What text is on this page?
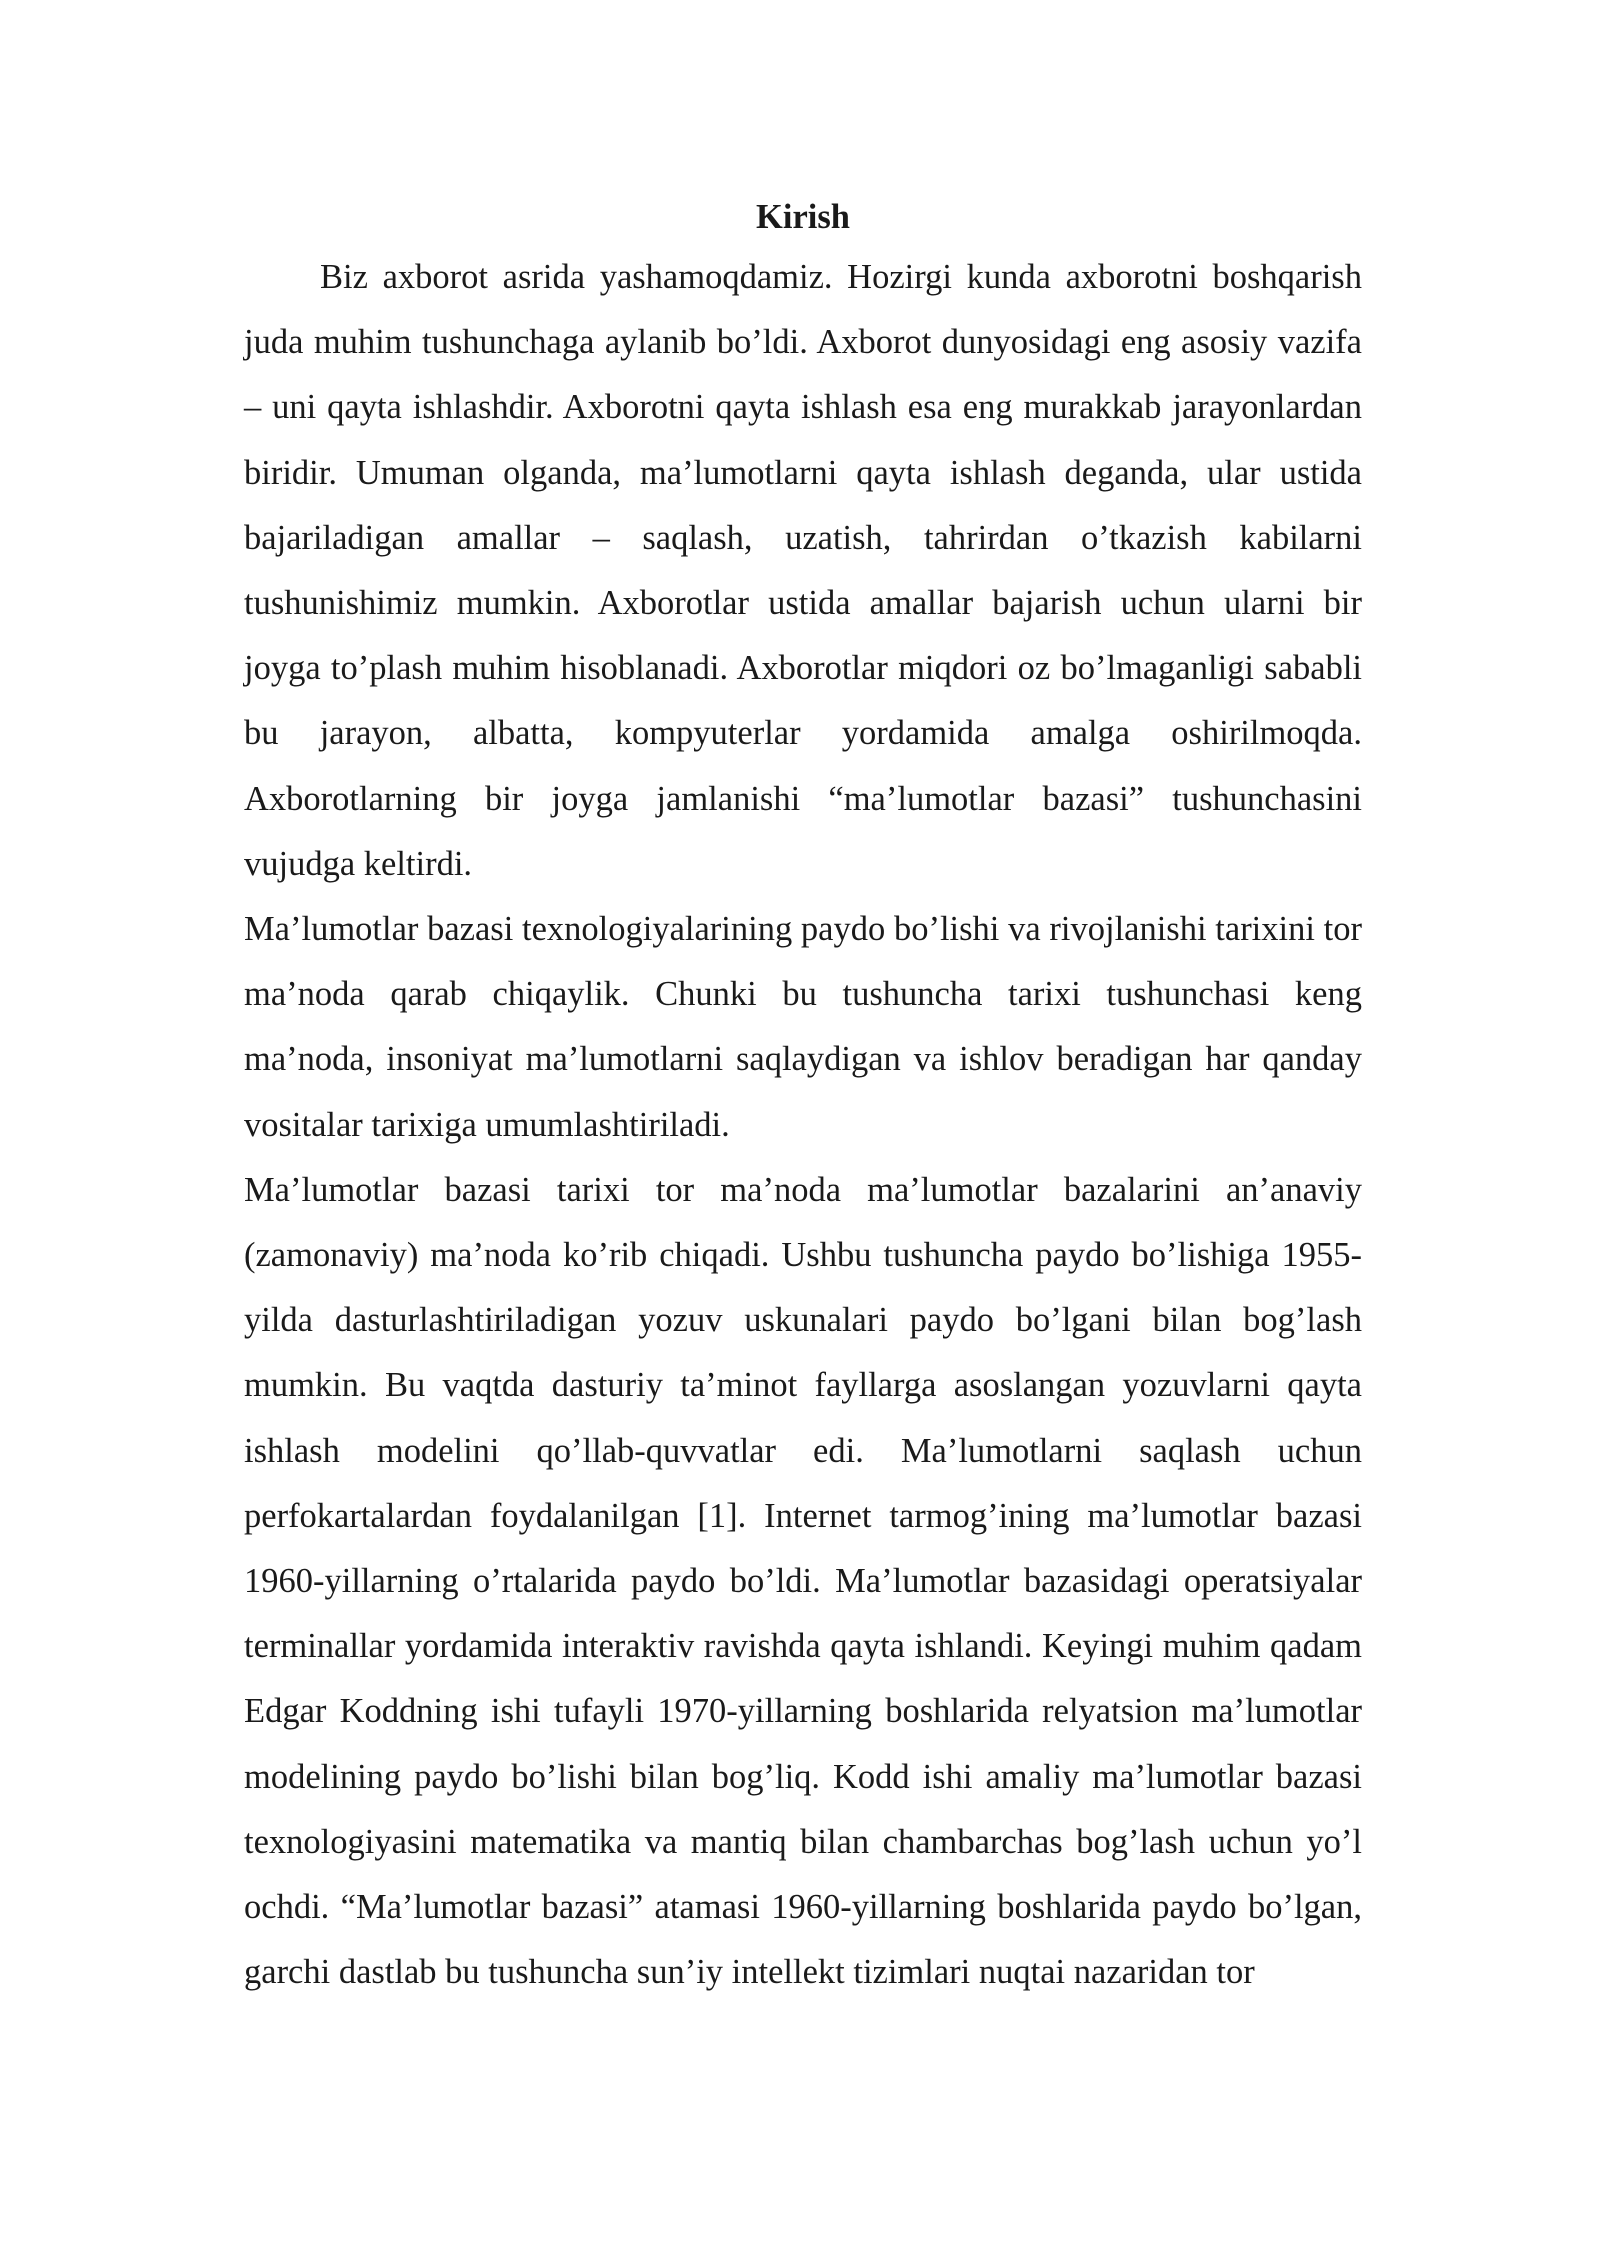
Kirish

Biz axborot asrida yashamoqdamiz. Hozirgi kunda axborotni boshqarish juda muhim tushunchaga aylanib bo’ldi. Axborot dunyosidagi eng asosiy vazifa – uni qayta ishlashdir. Axborotni qayta ishlash esa eng murakkab jarayonlardan biridir. Umuman olganda, ma’lumotlarni qayta ishlash deganda, ular ustida bajariladigan amallar – saqlash, uzatish, tahrirdan o’tkazish kabilarni tushunishimiz mumkin. Axborotlar ustida amallar bajarish uchun ularni bir joyga to’plash muhim hisoblanadi. Axborotlar miqdori oz bo’lmaganligi sababli bu jarayon, albatta, kompyuterlar yordamida amalga oshirilmoqda. Axborotlarning bir joyga jamlanishi “ma’lumotlar bazasi” tushunchasini vujudga keltirdi.

Ma’lumotlar bazasi texnologiyalarining paydo bo’lishi va rivojlanishi tarixini tor ma’noda qarab chiqaylik. Chunki bu tushuncha tarixi tushunchasi keng ma’noda, insoniyat ma’lumotlarni saqlaydigan va ishlov beradigan har qanday vositalar tarixiga umumlashtiriladi.

Ma’lumotlar bazasi tarixi tor ma’noda ma’lumotlar bazalarini an’anaviy (zamonaviy) ma’noda ko’rib chiqadi. Ushbu tushuncha paydo bo’lishiga 1955-yilda dasturlashtiriladigan yozuv uskunalari paydo bo’lgani bilan bog’lash mumkin. Bu vaqtda dasturiy ta’minot fayllarga asoslangan yozuvlarni qayta ishlash modelini qo’llab-quvvatlar edi. Ma’lumotlarni saqlash uchun perfokartalardan foydalanilgan [1]. Internet tarmog’ining ma’lumotlar bazasi 1960-yillarning o’rtalarida paydo bo’ldi. Ma’lumotlar bazasidagi operatsiyalar terminallar yordamida interaktiv ravishda qayta ishlandi. Keyingi muhim qadam Edgar Koddning ishi tufayli 1970-yillarning boshlarida relyatsion ma’lumotlar modelining paydo bo’lishi bilan bog’liq. Kodd ishi amaliy ma’lumotlar bazasi texnologiyasini matematika va mantiq bilan chambarchas bog’lash uchun yo’l ochdi. “Ma’lumotlar bazasi” atamasi 1960-yillarning boshlarida paydo bo’lgan, garchi dastlab bu tushuncha sun’iy intellekt tizimlari nuqtai nazaridan tor
